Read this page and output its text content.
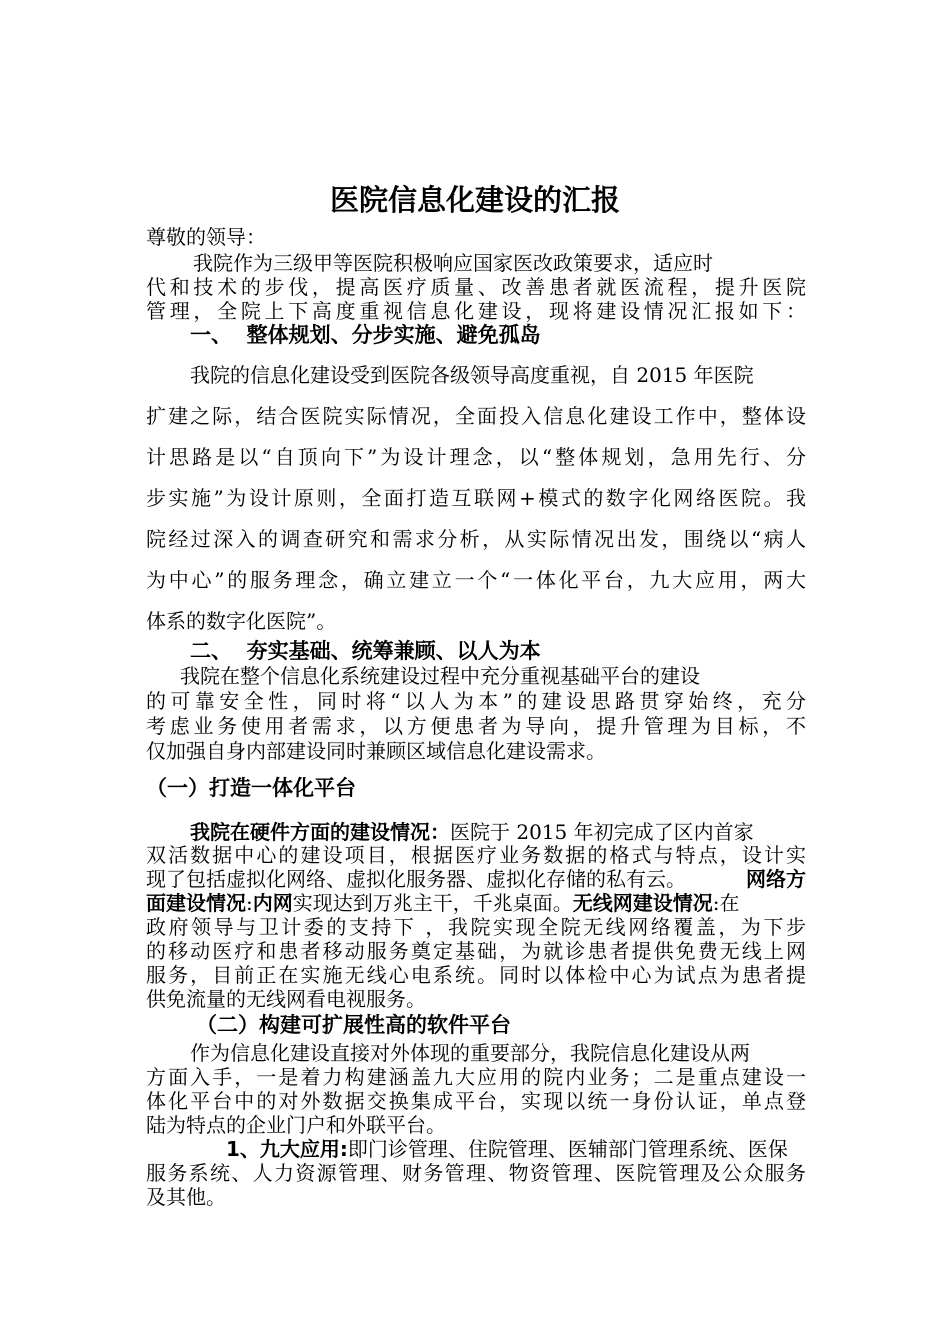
医院信息化建设的汇报
尊敬的领导：
我院作为三级甲等医院积极响应国家医改政策要求，适应时
代和技术的步伐，提高医疗质量、改善患者就医流程，提升医院
管理，全院上下高度重视信息化建设，现将建设情况汇报如下：
一、  整体规划、分步实施、避免孤岛
我院的信息化建设受到医院各级领导高度重视，自 2015 年医院
扩建之际，结合医院实际情况，全面投入信息化建设工作中，整体设
计思路是以“自顶向下”为设计理念，以“整体规划，急用先行、分
步实施”为设计原则，全面打造互联网+模式的数字化网络医院。我
院经过深入的调查研究和需求分析，从实际情况出发，围绕以“病人
为中心”的服务理念，确立建立一个“一体化平台，九大应用，两大
体系的数字化医院”。
二、  夯实基础、统筹兼顾、以人为本
我院在整个信息化系统建设过程中充分重视基础平台的建设
的可靠安全性，同时将“以人为本”的建设思路贯穿始终，充分
考虑业务使用者需求，以方便患者为导向，提升管理为目标，不
仅加强自身内部建设同时兼顾区域信息化建设需求。
（一）打造一体化平台
我院在硬件方面的建设情况：医院于 2015 年初完成了区内首家
双活数据中心的建设项目，根据医疗业务数据的格式与特点，设计实
现了包括虚拟化网络、虚拟化服务器、虚拟化存储的私有云。	网络方
面建设情况:内网实现达到万兆主干，千兆桌面。无线网建设情况:在
政府领导与卫计委的支持下 ，我院实现全院无线网络覆盖，为下步
的移动医疗和患者移动服务奠定基础，为就诊患者提供免费无线上网
服务，目前正在实施无线心电系统。同时以体检中心为试点为患者提
供免流量的无线网看电视服务。
（二）构建可扩展性高的软件平台
作为信息化建设直接对外体现的重要部分，我院信息化建设从两
方面入手，一是着力构建涵盖九大应用的院内业务；二是重点建设一
体化平台中的对外数据交换集成平台，实现以统一身份认证，单点登
陆为特点的企业门户和外联平台。
1、九大应用:即门诊管理、住院管理、医辅部门管理系统、医保
服务系统、人力资源管理、财务管理、物资管理、医院管理及公众服务
及其他。
